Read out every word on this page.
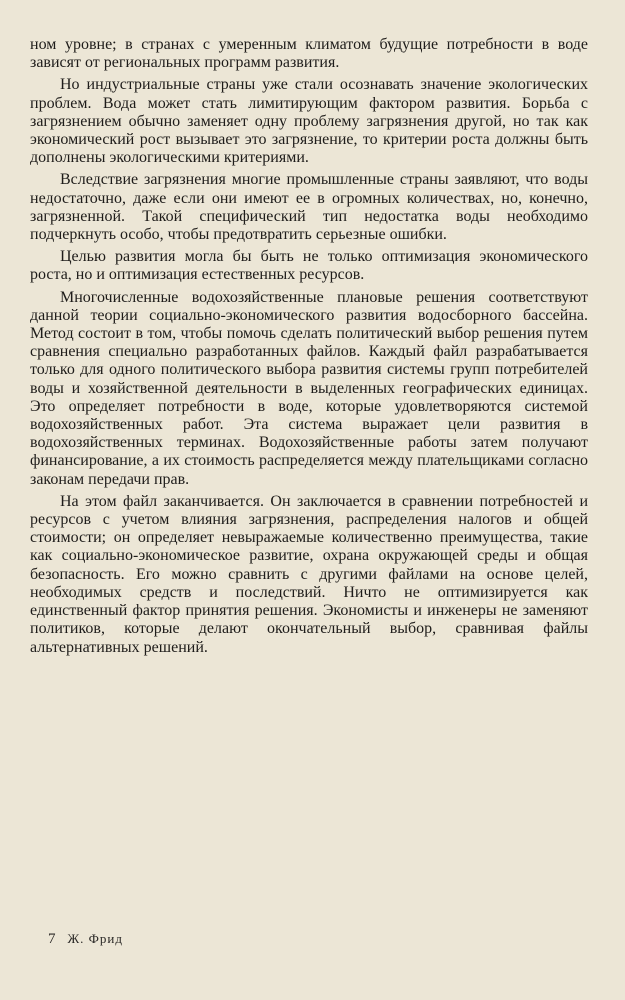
ном уровне; в странах с умеренным климатом будущие потребности в воде зависят от региональных программ развития.

Но индустриальные страны уже стали осознавать значение экологических проблем. Вода может стать лимитирующим фактором развития. Борьба с загрязнением обычно заменяет одну проблему загрязнения другой, но так как экономический рост вызывает это загрязнение, то критерии роста должны быть дополнены экологическими критериями.

Вследствие загрязнения многие промышленные страны заявляют, что воды недостаточно, даже если они имеют ее в огромных количествах, но, конечно, загрязненной. Такой специфический тип недостатка воды необходимо подчеркнуть особо, чтобы предотвратить серьезные ошибки.

Целью развития могла бы быть не только оптимизация экономического роста, но и оптимизация естественных ресурсов.

Многочисленные водохозяйственные плановые решения соответствуют данной теории социально-экономического развития водосборного бассейна. Метод состоит в том, чтобы помочь сделать политический выбор решения путем сравнения специально разработанных файлов. Каждый файл разрабатывается только для одного политического выбора развития системы групп потребителей воды и хозяйственной деятельности в выделенных географических единицах. Это определяет потребности в воде, которые удовлетворяются системой водохозяйственных работ. Эта система выражает цели развития в водохозяйственных терминах. Водохозяйственные работы затем получают финансирование, а их стоимость распределяется между плательщиками согласно законам передачи прав.

На этом файл заканчивается. Он заключается в сравнении потребностей и ресурсов с учетом влияния загрязнения, распределения налогов и общей стоимости; он определяет невыражаемые количественно преимущества, такие как социально-экономическое развитие, охрана окружающей среды и общая безопасность. Его можно сравнить с другими файлами на основе целей, необходимых средств и последствий. Ничто не оптимизируется как единственный фактор принятия решения. Экономисты и инженеры не заменяют политиков, которые делают окончательный выбор, сравнивая файлы альтернативных решений.

7 Ж. Фрид
